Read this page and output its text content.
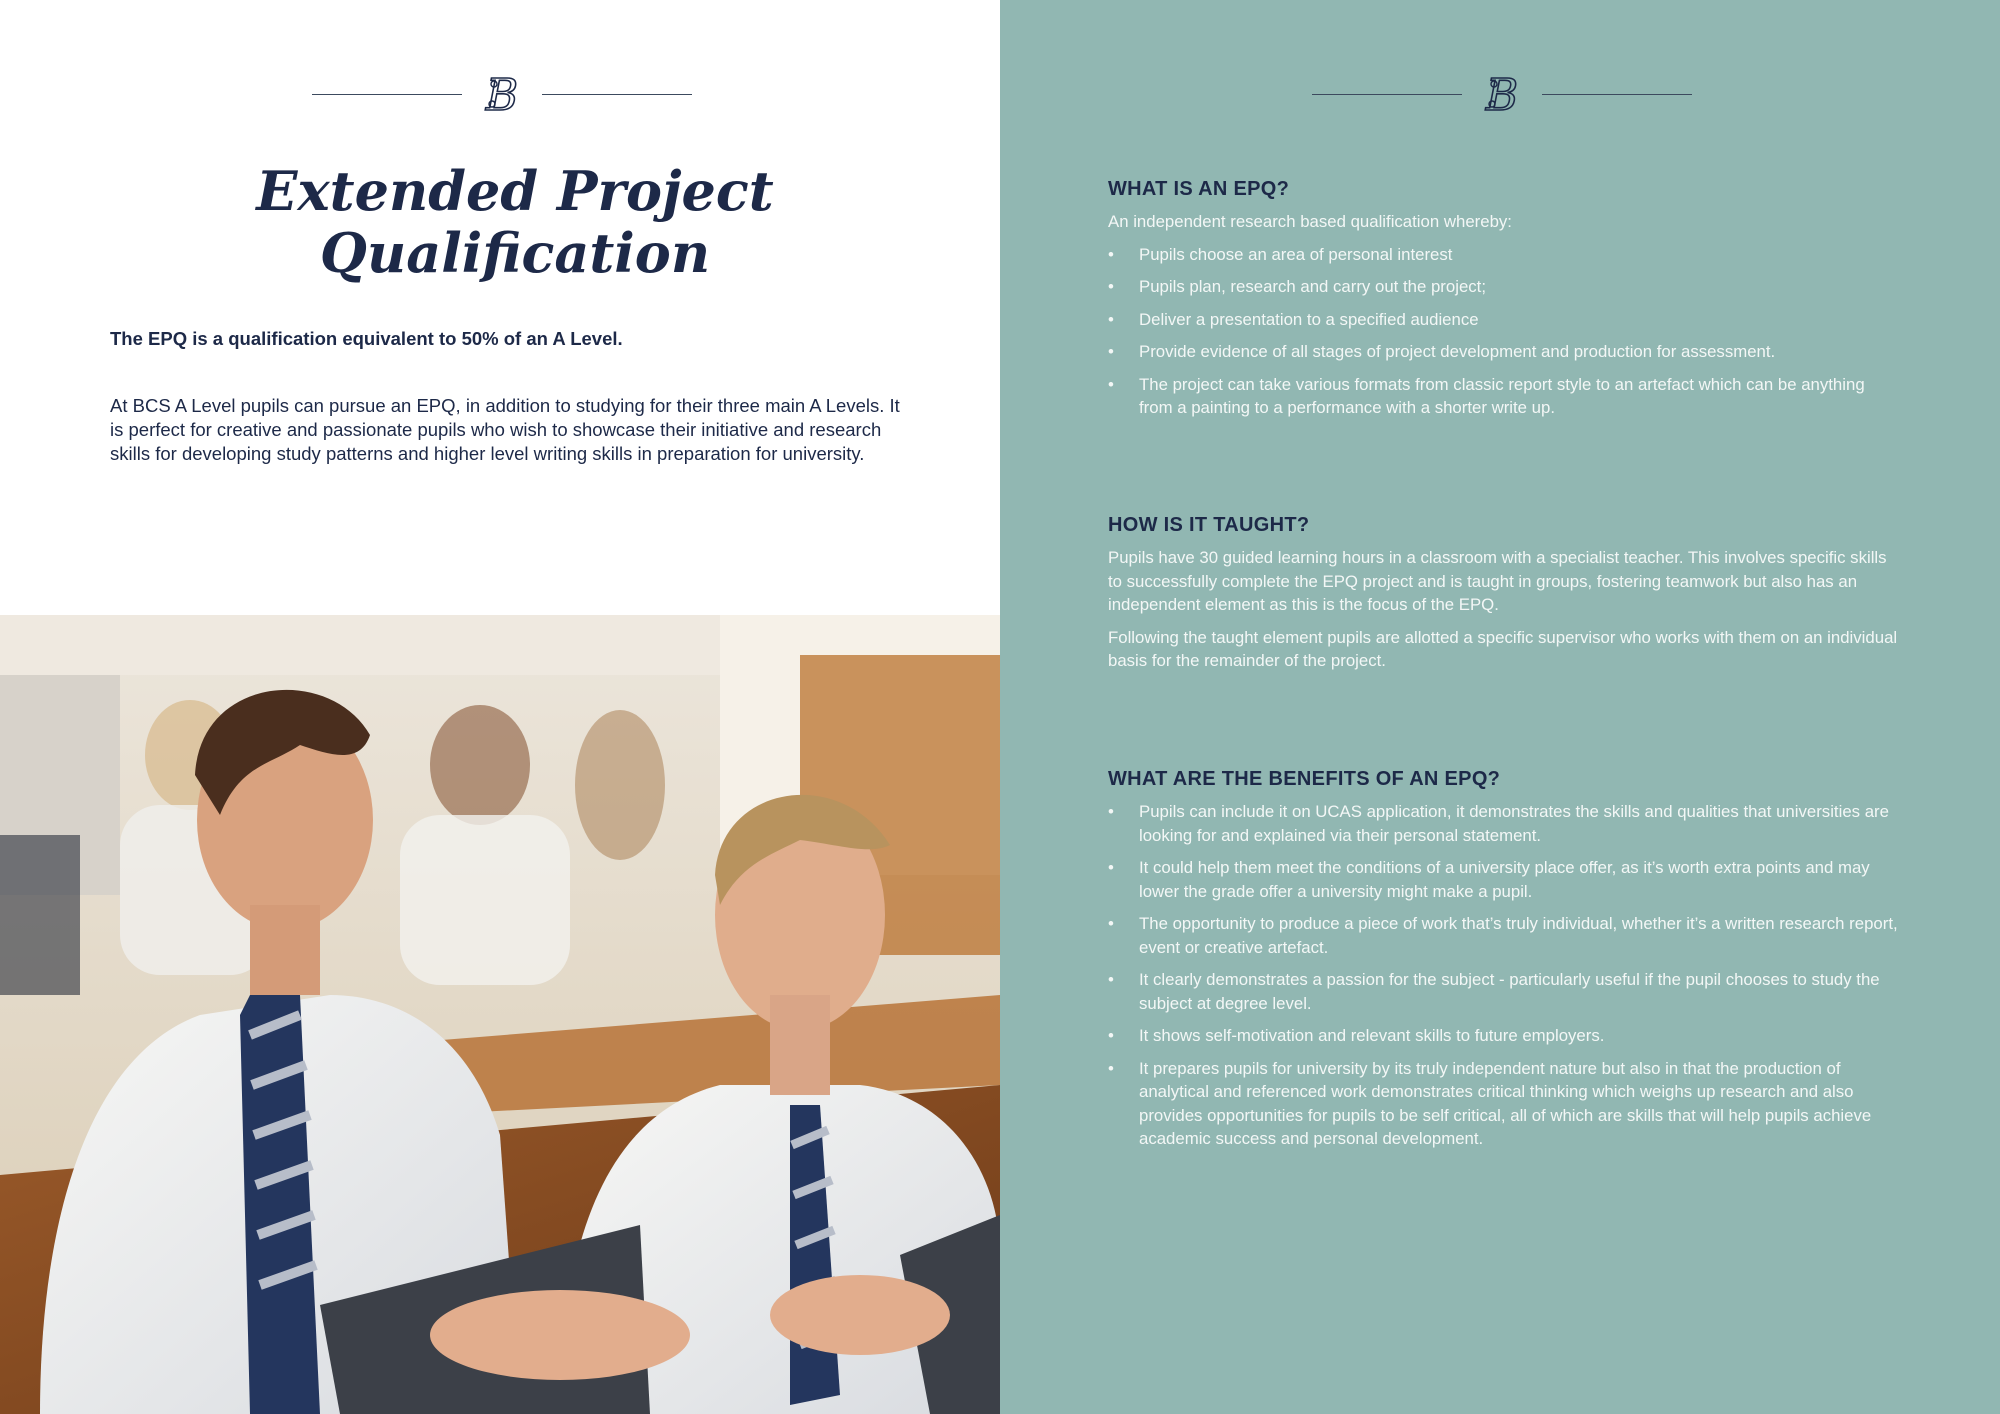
B
Extended Project
Qualification

The EPQ is a qualification equivalent to 50% of an A Level.

At BCS A Level pupils can pursue an EPQ, in addition to studying for their three main A Levels. It is perfect for creative and passionate pupils who wish to showcase their initiative and research skills for developing study patterns and higher level writing skills in preparation for university.

B
WHAT IS AN EPQ?

An independent research based qualification whereby:

• Pupils choose an area of personal interest
• Pupils plan, research and carry out the project;
• Deliver a presentation to a specified audience
• Provide evidence of all stages of project development and production for assessment.
• The project can take various formats from classic report style to an artefact which can be anything from a painting to a performance with a shorter write up.
HOW IS IT TAUGHT?

Pupils have 30 guided learning hours in a classroom with a specialist teacher. This involves specific skills to successfully complete the EPQ project and is taught in groups, fostering teamwork but also has an independent element as this is the focus of the EPQ.

Following the taught element pupils are allotted a specific supervisor who works with them on an individual basis for the remainder of the project.

WHAT ARE THE BENEFITS OF AN EPQ?
• Pupils can include it on UCAS application, it demonstrates the skills and qualities that universities are looking for and explained via their personal statement.
• It could help them meet the conditions of a university place offer, as it’s worth extra points and may lower the grade offer a university might make a pupil.
• The opportunity to produce a piece of work that’s truly individual, whether it’s a written research report, event or creative artefact.
• It clearly demonstrates a passion for the subject - particularly useful if the pupil chooses to study the subject at degree level.
• It shows self-motivation and relevant skills to future employers.
• It prepares pupils for university by its truly independent nature but also in that the production of analytical and referenced work demonstrates critical thinking which weighs up research and also provides opportunities for pupils to be self critical, all of which are skills that will help pupils achieve academic success and personal development.
